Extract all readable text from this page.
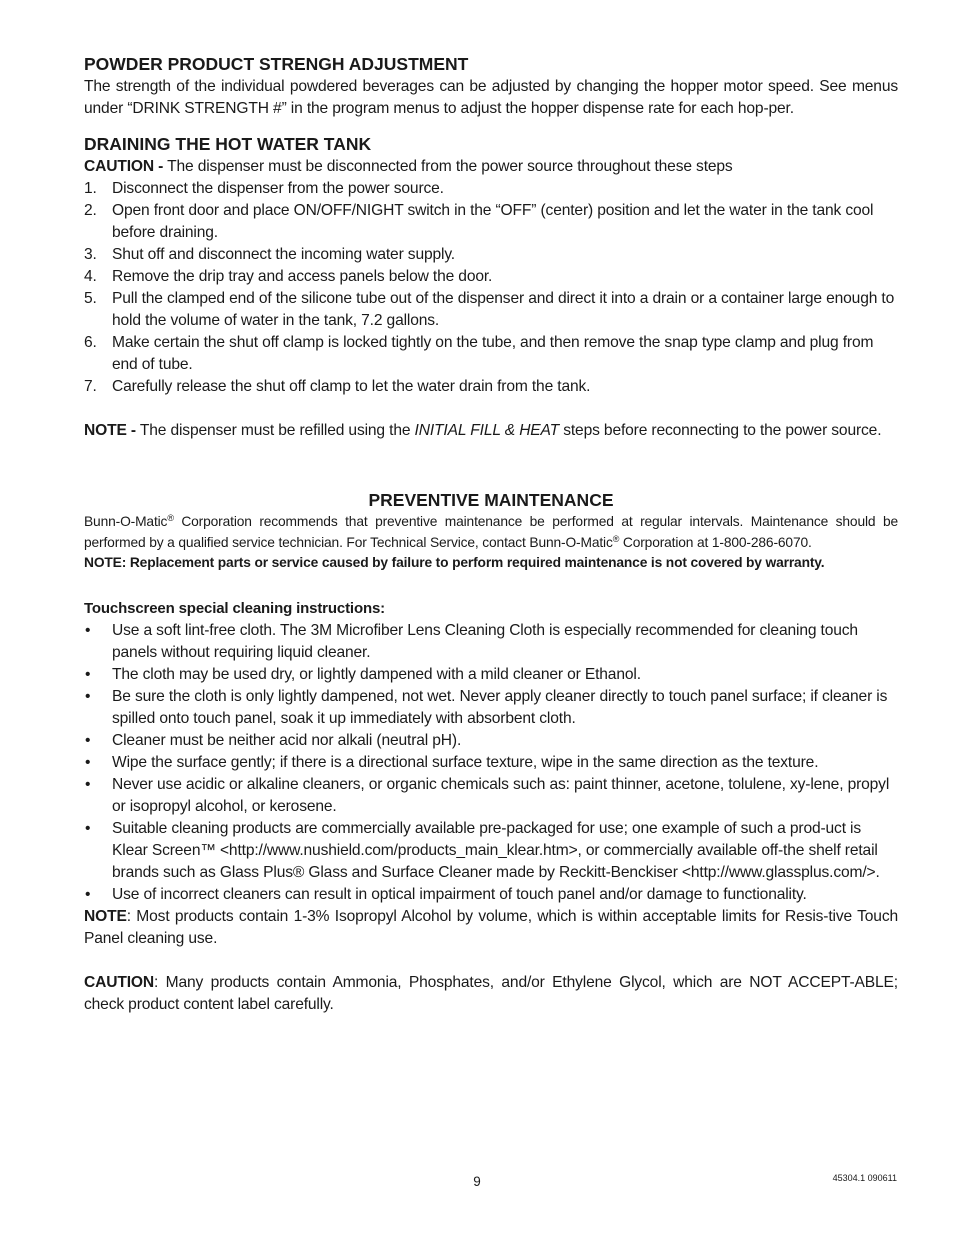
POWDER PRODUCT STRENGH ADJUSTMENT

The strength of the individual powdered beverages can be adjusted by changing the hopper motor speed. See menus under “DRINK STRENGTH #” in the program menus to adjust the hopper dispense rate for each hop-per.

DRAINING THE HOT WATER TANK
CAUTION - The dispenser must be disconnected from the power source throughout these steps
1. Disconnect the dispenser from the power source.
2. Open front door and place ON/OFF/NIGHT switch in the “OFF” (center) position and let the water in the tank cool before draining.
3. Shut off and disconnect the incoming water supply.
4. Remove the drip tray and access panels below the door.
5. Pull the clamped end of the silicone tube out of the dispenser and direct it into a drain or a container large enough to hold the volume of water in the tank, 7.2 gallons.
6. Make certain the shut off clamp is locked tightly on the tube, and then remove the snap type clamp and plug from end of tube.
7. Carefully release the shut off clamp to let the water drain from the tank.

NOTE - The dispenser must be refilled using the INITIAL FILL & HEAT steps before reconnecting to the power source.

PREVENTIVE MAINTENANCE

Bunn-O-Matic® Corporation recommends that preventive maintenance be performed at regular intervals. Maintenance should be performed by a qualified service technician. For Technical Service, contact Bunn-O-Matic® Corporation at 1-800-286-6070.

NOTE: Replacement parts or service caused by failure to perform required maintenance is not covered by warranty.

Touchscreen special cleaning instructions:
• Use a soft lint-free cloth. The 3M Microfiber Lens Cleaning Cloth is especially recommended for cleaning touch panels without requiring liquid cleaner.
• The cloth may be used dry, or lightly dampened with a mild cleaner or Ethanol.
• Be sure the cloth is only lightly dampened, not wet. Never apply cleaner directly to touch panel surface; if cleaner is spilled onto touch panel, soak it up immediately with absorbent cloth.
• Cleaner must be neither acid nor alkali (neutral pH).
• Wipe the surface gently; if there is a directional surface texture, wipe in the same direction as the texture.
• Never use acidic or alkaline cleaners, or organic chemicals such as: paint thinner, acetone, tolulene, xy-lene, propyl or isopropyl alcohol, or kerosene.
• Suitable cleaning products are commercially available pre-packaged for use; one example of such a prod-uct is Klear Screen™ <http://www.nushield.com/products_main_klear.htm>, or commercially available off-the shelf retail brands such as Glass Plus® Glass and Surface Cleaner made by Reckitt-Benckiser <http://www.glassplus.com/>.
• Use of incorrect cleaners can result in optical impairment of touch panel and/or damage to functionality.

NOTE: Most products contain 1-3% Isopropyl Alcohol by volume, which is within acceptable limits for Resis-tive Touch Panel cleaning use.

CAUTION: Many products contain Ammonia, Phosphates, and/or Ethylene Glycol, which are NOT ACCEPT-ABLE; check product content label carefully.

9	45304.1 090611
